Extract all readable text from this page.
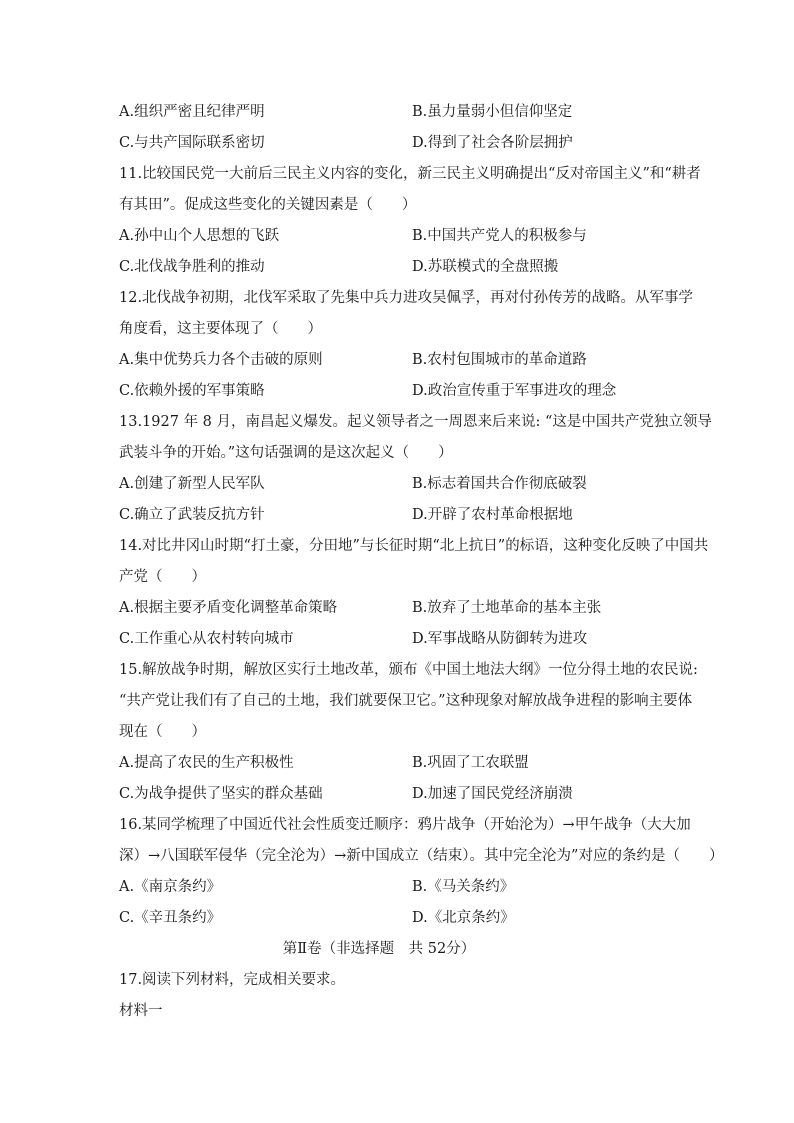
A.组织严密且纪律严明	B.虽力量弱小但信仰坚定
C.与共产国际联系密切	D.得到了社会各阶层拥护
11.比较国民党一大前后三民主义内容的变化，新三民主义明确提出“反对帝国主义”和“耕者
有其田”。促成这些变化的关键因素是（　　）
A.孙中山个人思想的飞跃	B.中国共产党人的积极参与
C.北伐战争胜利的推动	D.苏联模式的全盘照搬
12.北伐战争初期，北伐军采取了先集中兵力进攻吴佩孚，再对付孙传芳的战略。从军事学
角度看，这主要体现了（　　）
A.集中优势兵力各个击破的原则	B.农村包围城市的革命道路
C.依赖外援的军事策略	D.政治宣传重于军事进攻的理念
13.1927 年 8 月，南昌起义爆发。起义领导者之一周恩来后来说: “这是中国共产党独立领导
武装斗争的开始。”这句话强调的是这次起义（　　）
A.创建了新型人民军队	B.标志着国共合作彻底破裂
C.确立了武装反抗方针	D.开辟了农村革命根据地
14.对比井冈山时期“打土豪，分田地”与长征时期“北上抗日”的标语，这种变化反映了中国共
产党（　　）
A.根据主要矛盾变化调整革命策略	B.放弃了土地革命的基本主张
C.工作重心从农村转向城市	D.军事战略从防御转为进攻
15.解放战争时期，解放区实行土地改革，颁布《中国土地法大纲》一位分得土地的农民说:
“共产党让我们有了自己的土地，我们就要保卫它。”这种现象对解放战争进程的影响主要体
现在（　　）
A.提高了农民的生产积极性	B.巩固了工农联盟
C.为战争提供了坚实的群众基础	D.加速了国民党经济崩溃
16.某同学梳理了中国近代社会性质变迁顺序：鸦片战争（开始沦为）→甲午战争（大大加
深）→八国联军侵华（完全沦为）→新中国成立（结束）。其中完全沦为”对应的条约是（　　）
A.《南京条约》	B.《马关条约》
C.《辛丑条约》	D.《北京条约》
第Ⅱ卷（非选择题　共 52分）
17.阅读下列材料，完成相关要求。
材料一
